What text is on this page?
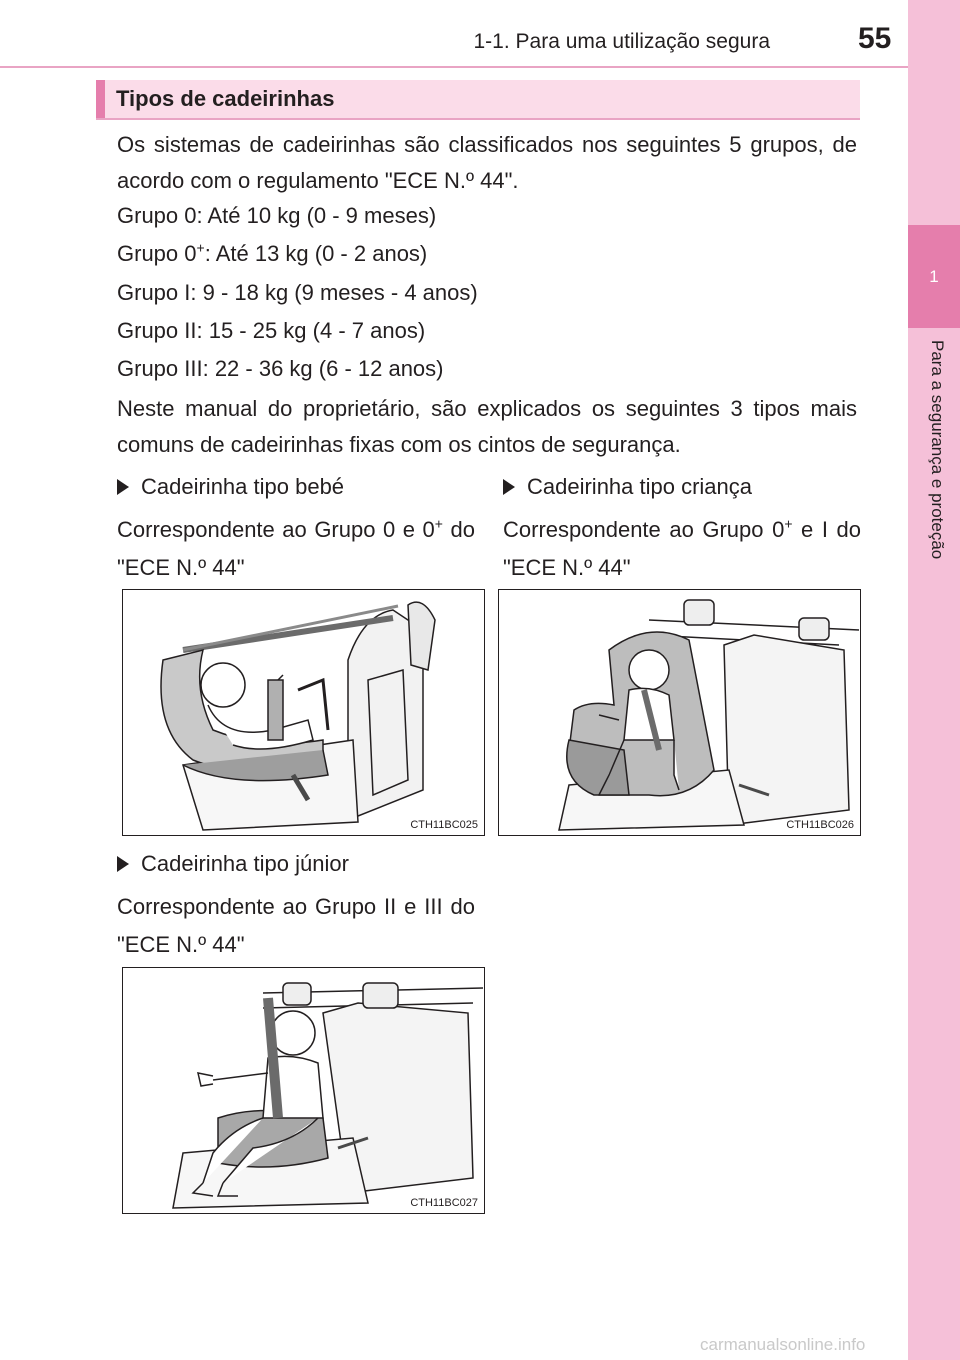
1-1. Para uma utilização segura	55
1
Para a segurança e proteção
Tipos de cadeirinhas

Os sistemas de cadeirinhas são classificados nos seguintes 5 grupos, de acordo com o regulamento "ECE N.º 44".

Grupo 0: Até 10 kg (0 - 9 meses)

Grupo 0+: Até 13 kg (0 - 2 anos)

Grupo I: 9 - 18 kg (9 meses - 4 anos)

Grupo II: 15 - 25 kg (4 - 7 anos)

Grupo III: 22 - 36 kg (6 - 12 anos)

Neste manual do proprietário, são explicados os seguintes 3 tipos mais comuns de cadeirinhas fixas com os cintos de segurança.

Cadeirinha tipo bebé

Correspondente ao Grupo 0 e 0+ do "ECE N.º 44"

Cadeirinha tipo criança

Correspondente ao Grupo 0+ e I do "ECE N.º 44"

CTH11BC025	CTH11BC026
Cadeirinha tipo júnior

Correspondente ao Grupo II e III do "ECE N.º 44"

CTH11BC027
carmanualsonline.info
